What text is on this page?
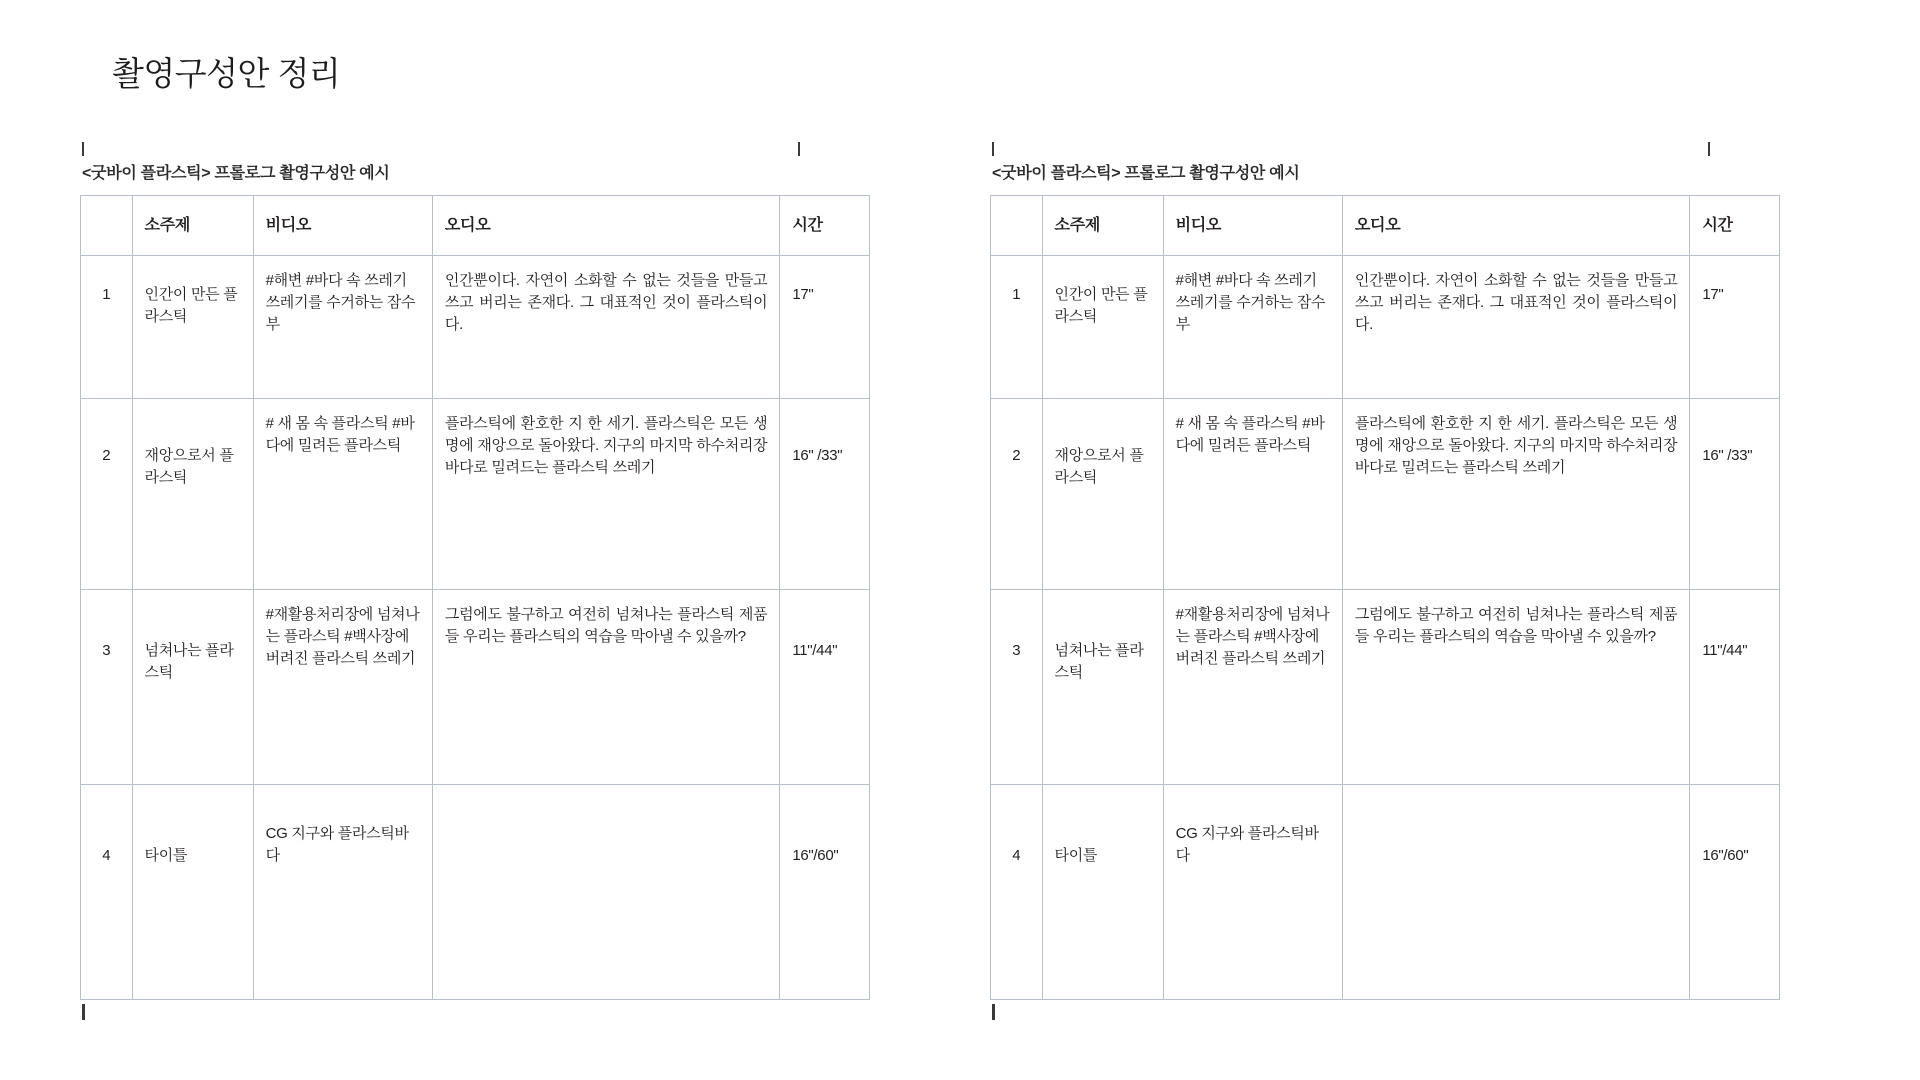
촬영구성안 정리
<굿바이 플라스틱> 프롤로그 촬영구성안 예시
	소주제	비디오	오디오	시간
1	인간이 만든 플라스틱	#해변 #바다 속 쓰레기 쓰레기를 수거하는 잠수부	인간뿐이다. 자연이 소화할 수 없는 것들을 만들고 쓰고 버리는 존재다. 그 대표적인 것이 플라스틱이다.	17"
2	재앙으로서 플라스틱	# 새 몸 속 플라스틱 #바다에 밀려든 플라스틱	플라스틱에 환호한 지 한 세기. 플라스틱은 모든 생명에 재앙으로 돌아왔다. 지구의 마지막 하수처리장 바다로 밀려드는 플라스틱 쓰레기	16" /33"
3	넘쳐나는 플라스틱	#재활용처리장에 넘쳐나는 플라스틱 #백사장에 버려진 플라스틱 쓰레기	그럼에도 불구하고 여전히 넘쳐나는 플라스틱 제품들 우리는 플라스틱의 역습을 막아낼 수 있을까?	11"/44"
4	타이틀	CG 지구와 플라스틱바다		16"/60"
<굿바이 플라스틱> 프롤로그 촬영구성안 예시
	소주제	비디오	오디오	시간
1	인간이 만든 플라스틱	#해변 #바다 속 쓰레기 쓰레기를 수거하는 잠수부	인간뿐이다. 자연이 소화할 수 없는 것들을 만들고 쓰고 버리는 존재다. 그 대표적인 것이 플라스틱이다.	17"
2	재앙으로서 플라스틱	# 새 몸 속 플라스틱 #바다에 밀려든 플라스틱	플라스틱에 환호한 지 한 세기. 플라스틱은 모든 생명에 재앙으로 돌아왔다. 지구의 마지막 하수처리장 바다로 밀려드는 플라스틱 쓰레기	16" /33"
3	넘쳐나는 플라스틱	#재활용처리장에 넘쳐나는 플라스틱 #백사장에 버려진 플라스틱 쓰레기	그럼에도 불구하고 여전히 넘쳐나는 플라스틱 제품들 우리는 플라스틱의 역습을 막아낼 수 있을까?	11"/44"
4	타이틀	CG 지구와 플라스틱바다		16"/60"
